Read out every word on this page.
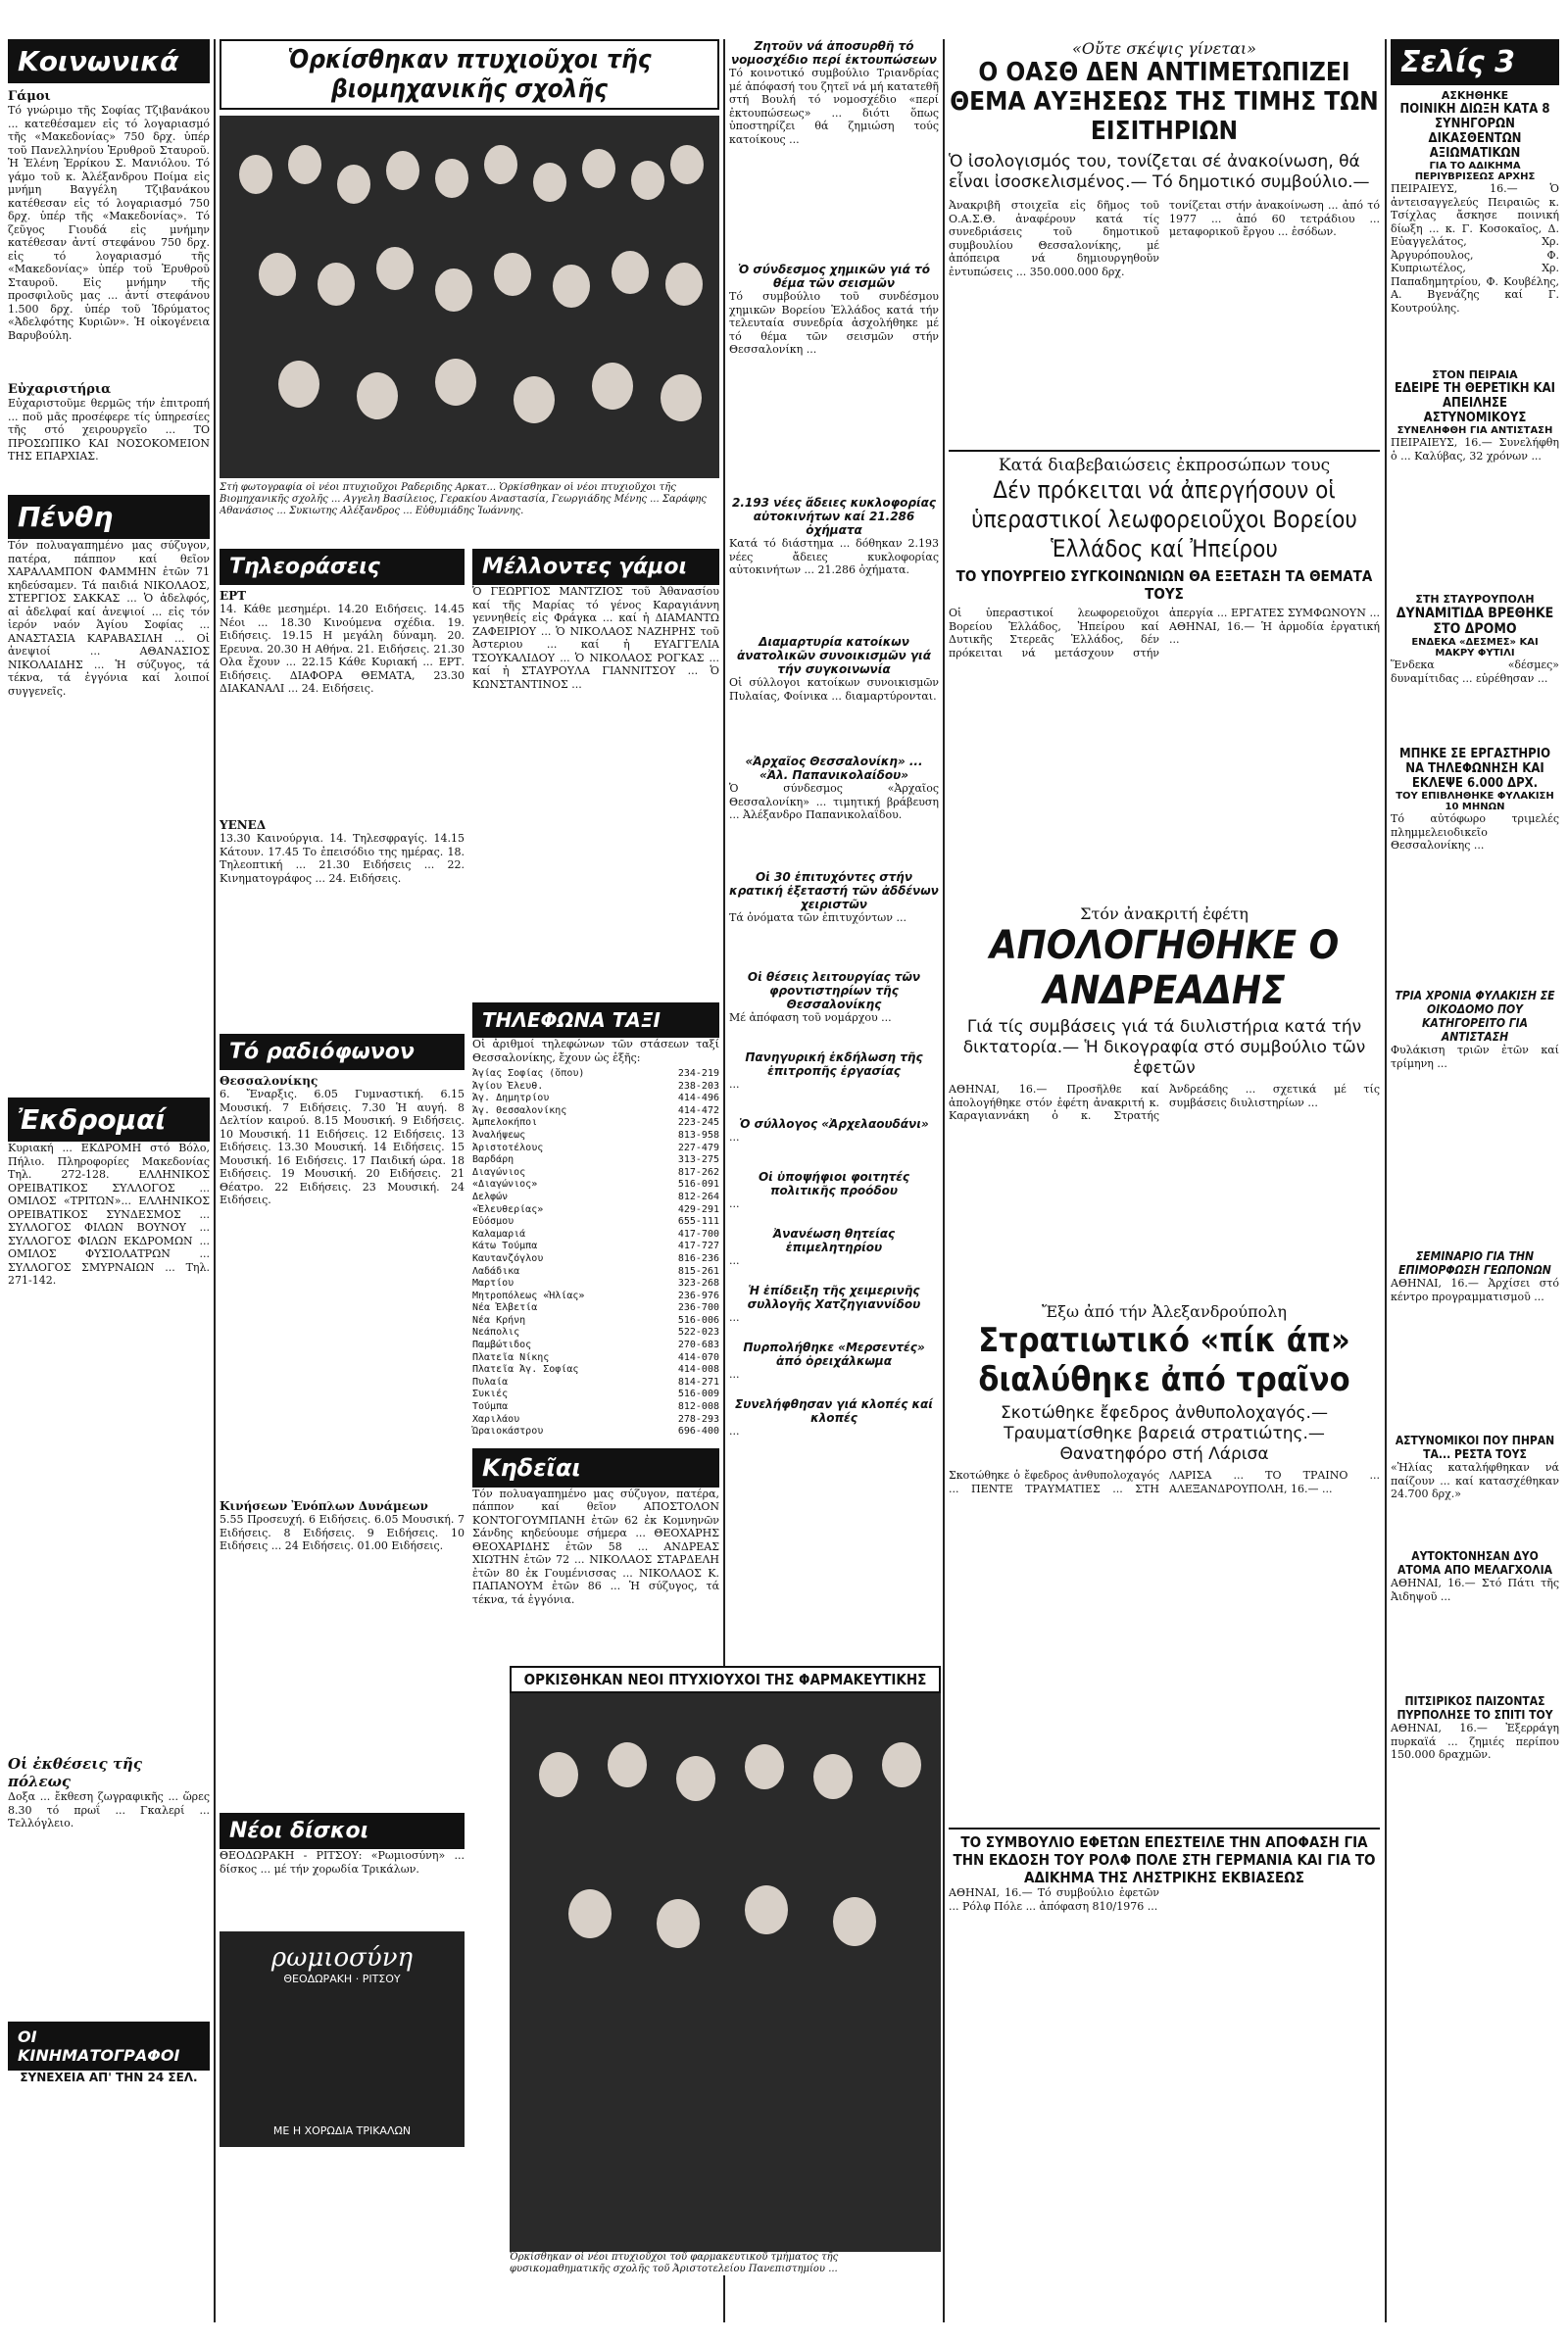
Κοινωνικά
Γάμοι
Τό γνώριμο τῆς Σοφίας Τζιβανάκου ... κατεθέσαμεν εἰς τό λογαριασμό τῆς «Μακεδονίας» 750 δρχ. ὑπέρ τοῦ Πανελληνίου Ἑρυθροῦ Σταυροῦ. Ἡ Ἐλένη Ἐρρίκου Σ. Μανιόλου. Τό γάμο τοῦ κ. Ἀλέξανδρου Ποίμα εἰς μνήμη Βαγγέλη Τζιβανάκου κατέθεσαν εἰς τό λογαριασμό 750 δρχ. ὑπέρ τῆς «Μακεδονίας». Τό ζεῦγος Γιουδά εἰς μνήμην κατέθεσαν ἀντί στεφάνου 750 δρχ. εἰς τό λογαριασμό τῆς «Μακεδονίας» ὑπέρ τοῦ Ἐρυθροῦ Σταυροῦ. Εἰς μνήμην τῆς προσφιλοῦς μας ... ἀντί στεφάνου 1.500 δρχ. ὑπέρ τοῦ Ἱδρύματος «Ἀδελφότης Κυριῶν». Ἡ οἰκογένεια Βαρυβούλη.
Εὐχαριστήρια
Εὐχαριστοῦμε θερμῶς τήν ἐπιτροπή ... ποῦ μᾶς προσέφερε τίς ὑπηρεσίες τῆς στό χειρουργεῖο ... ΤΟ ΠΡΟΣΩΠΙΚΟ ΚΑΙ ΝΟΣΟΚΟΜΕΙΟΝ ΤΗΣ ΕΠΑΡΧΙΑΣ.
Πένθη
Τόν πολυαγαπημένο μας σύζυγον, πατέρα, πάππον καί θεῖον ΧΑΡΑΛΑΜΠΟΝ ΦΑΜΜΗΝ ἐτῶν 71 κηδεύσαμεν. Τά παιδιά ΝΙΚΟΛΑΟΣ, ΣΤΕΡΓΙΟΣ ΣΑΚΚΑΣ ... Ὁ ἀδελφός, αἱ ἀδελφαί καί ἀνεψιοί ... εἰς τόν ἱερόν ναόν Ἁγίου Σοφίας ... ΑΝΑΣΤΑΣΙΑ ΚΑΡΑΒΑΣΙΛΗ ... Οἱ ἀνεψιοί ... ΑΘΑΝΑΣΙΟΣ ΝΙΚΟΛΑΙΔΗΣ ... Ἡ σύζυγος, τά τέκνα, τά ἐγγόνια καί λοιποί συγγενεῖς.
Ἐκδρομαί
Κυριακή ... ΕΚΔΡΟΜΗ στό Βόλο, Πήλιο. Πληροφορίες Μακεδονίας Τηλ. 272-128. ΕΛΛΗΝΙΚΟΣ ΟΡΕΙΒΑΤΙΚΟΣ ΣΥΛΛΟΓΟΣ ... ΟΜΙΛΟΣ «ΤΡΙΤΩΝ»... ΕΛΛΗΝΙΚΟΣ ΟΡΕΙΒΑΤΙΚΟΣ ΣΥΝΔΕΣΜΟΣ ... ΣΥΛΛΟΓΟΣ ΦΙΛΩΝ ΒΟΥΝΟΥ ... ΣΥΛΛΟΓΟΣ ΦΙΛΩΝ ΕΚΔΡΟΜΩΝ ... ΟΜΙΛΟΣ ΦΥΣΙΟΛΑΤΡΩΝ ... ΣΥΛΛΟΓΟΣ ΣΜΥΡΝΑΙΩΝ ... Τηλ. 271-142.
Οἱ ἐκθέσεις τῆς πόλεως
Δοξα ... ἔκθεση ζωγραφικῆς ... ὥρες 8.30 τό πρωΐ ... Γκαλερί ... Τελλόγλειο.
ΟΙ ΚΙΝΗΜΑΤΟΓΡΑΦΟΙ
ΣΥΝΕΧΕΙΑ ΑΠ' ΤΗΝ 24 ΣΕΛ.
Ὁρκίσθηκαν πτυχιοῦχοι τῆς βιομηχανικῆς σχολῆς
Στή φωτογραφία οἱ νέοι πτυχιοῦχοι Ραδεριδης Αρκατ... Ὁρκίσθηκαν οἱ νέοι πτυχιοῦχοι τῆς Βιομηχανικῆς σχολῆς ... Αγγελη Βασίλειος, Γερακίου Αναστασία, Γεωργιάδης Μένης ... Σαράφης Αθανάσιος ... Συκιωτης Αλέξανδρος ... Εὐθυμιάδης Ἰωάννης.
Τηλεοράσεις
ΕΡΤ
14. Κάθε μεσημέρι. 14.20 Ειδήσεις. 14.45 Νέοι ... 18.30 Κινούμενα σχέδια. 19. Ειδήσεις. 19.15 Η μεγάλη δύναμη. 20. Ερευνα. 20.30 Η Αθήνα. 21. Ειδήσεις. 21.30 Ολα ἔχουν ... 22.15 Κάθε Κυριακή ... ΕΡΤ. Ειδήσεις. ΔΙΑΦΟΡΑ ΘΕΜΑΤΑ, 23.30 ΔΙΑΚΑΝΑΛΙ ... 24. Ειδήσεις.
ΥΕΝΕΔ
13.30 Καινούργια. 14. Τηλεσφραγίς. 14.15 Κάτουν. 17.45 Το ἐπεισόδιο της ημέρας. 18. Τηλεοπτική ... 21.30 Ειδήσεις ... 22. Κινηματογράφος ... 24. Ειδήσεις.
Τό ραδιόφωνον
Θεσσαλονίκης
6. Ἔναρξις. 6.05 Γυμναστική. 6.15 Μουσική. 7 Ειδήσεις. 7.30 Ἡ αυγή. 8 Δελτίον καιρού. 8.15 Μουσική. 9 Ειδήσεις. 10 Μουσική. 11 Ειδήσεις. 12 Ειδήσεις. 13 Ειδήσεις. 13.30 Μουσική. 14 Ειδήσεις. 15 Μουσική. 16 Ειδήσεις. 17 Παιδική ώρα. 18 Ειδήσεις. 19 Μουσική. 20 Ειδήσεις. 21 Θέατρο. 22 Ειδήσεις. 23 Μουσική. 24 Ειδήσεις.
Κινήσεων Ἐνόπλων Δυνάμεων
5.55 Προσευχή. 6 Ειδήσεις. 6.05 Μουσική. 7 Ειδήσεις. 8 Ειδήσεις. 9 Ειδήσεις. 10 Ειδήσεις ... 24 Ειδήσεις. 01.00 Ειδήσεις.
Νέοι δίσκοι
ΘΕΟΔΩΡΑΚΗ - ΡΙΤΣΟΥ: «Ρωμιοσύνη» ... δίσκος ... μέ τήν χορωδία Τρικάλων.
ρωμιοσύνη
ΘΕΟΔΩΡΑΚΗ · ΡΙΤΣΟΥ
ΜΕ Η ΧΟΡΩΔΙΑ ΤΡΙΚΑΛΩΝ
Μέλλοντες γάμοι
Ὁ ΓΕΩΡΓΙΟΣ ΜΑΝΤΖΙΟΣ τοῦ Ἀθανασίου καί τῆς Μαρίας τό γένος Καραγιάννη γεννηθείς εἰς Φράγκα ... καί ἡ ΔΙΑΜΑΝΤΩ ΖΑΦΕΙΡΙΟΥ ... Ὁ ΝΙΚΟΛΑΟΣ ΝΑΖΗΡΗΣ τοῦ Ἀστεριου ... καί ἡ ΕΥΑΓΓΕΛΙΑ ΤΣΟΥΚΑΛΙΔΟΥ ... Ὁ ΝΙΚΟΛΑΟΣ ΡΟΓΚΑΣ ... καί ἡ ΣΤΑΥΡΟΥΛΑ ΓΙΑΝΝΙΤΣΟΥ ... Ὁ ΚΩΝΣΤΑΝΤΙΝΟΣ ...
ΤΗΛΕΦΩΝΑ ΤΑΞΙ
Οἱ ἀριθμοί τηλεφώνων τῶν στάσεων ταξί Θεσσαλονίκης, ἔχουν ὡς ἑξῆς:
Ἁγίας Σοφίας (ὅπου)	234-219
Ἁγίου Ἐλευθ.	238-203
Ἁγ. Δημητρίου	414-496
Ἁγ. Θεσσαλονίκης	414-472
Ἀμπελοκήποι	223-245
Ἀναλήψεως	813-958
Ἀριστοτέλους	227-479
Βαρδάρη	313-275
Διαγώνιος	817-262
«Διαγώνιος»	516-091
Δελφών	812-264
«Ἐλευθερίας»	429-291
Εὐόσμου	655-111
Καλαμαριά	417-700
Κάτω Τούμπα	417-727
Καυτανζόγλου	816-236
Λαδάδικα	815-261
Μαρτίου	323-268
Μητροπόλεως «Ἡλίας»	236-976
Νέα Ἐλβετία	236-700
Νέα Κρήνη	516-006
Νεάπολις	522-023
Παμβώτιδος	270-683
Πλατεῖα Νίκης	414-070
Πλατεῖα Ἁγ. Σοφίας	414-008
Πυλαία	814-271
Συκιές	516-009
Τούμπα	812-008
Χαριλάου	278-293
Ὡραιοκάστρου	696-400
Κηδεῖαι
Τόν πολυαγαπημένο μας σύζυγον, πατέρα, πάππον καί θεῖον ΑΠΟΣΤΟΛΟΝ ΚΟΝΤΟΓΟΥΜΠΑΝΗ ἐτῶν 62 ἐκ Κομνηνῶν Σάνδης κηδεύουμε σήμερα ... ΘΕΟΧΑΡΗΣ ΘΕΟΧΑΡΙΔΗΣ ἐτῶν 58 ... ΑΝΔΡΕΑΣ ΧΙΩΤΗΝ ἐτῶν 72 ... ΝΙΚΟΛΑΟΣ ΣΤΑΡΔΕΛΗ ἐτῶν 80 ἐκ Γουμένισσας ... ΝΙΚΟΛΑΟΣ Κ. ΠΑΠΑΝΟΥΜ ἐτῶν 86 ... Ἡ σύζυγος, τά τέκνα, τά ἐγγόνια.
Ζητοῦν νά ἀποσυρθῆ τό νομοσχέδιο περί ἐκτουπώσεων
Τό κοινοτικό συμβούλιο Τριανδρίας μέ ἀπόφασή του ζητεῖ νά μή κατατεθῆ στή Βουλή τό νομοσχέδιο «περί ἐκτουπώσεως» ... διότι ὅπως ὑποστηρίζει θά ζημιώση τούς κατοίκους ...
Ὁ σύνδεσμος χημικῶν γιά τό θέμα τῶν σεισμῶν
Τό συμβούλιο τοῦ συνδέσμου χημικῶν Βορείου Ἑλλάδος κατά τήν τελευταία συνεδρία ἀσχολήθηκε μέ τό θέμα τῶν σεισμῶν στήν Θεσσαλονίκη ...
2.193 νέες ἄδειες κυκλοφορίας αὐτοκινήτων καί 21.286 ὀχήματα
Κατά τό διάστημα ... δόθηκαν 2.193 νέες ἄδειες κυκλοφορίας αὐτοκινήτων ... 21.286 ὀχήματα.
Διαμαρτυρία κατοίκων ἀνατολικῶν συνοικισμῶν γιά τήν συγκοινωνία
Οἱ σύλλογοι κατοίκων συνοικισμῶν Πυλαίας, Φοίνικα ... διαμαρτύρονται.
«Ἀρχαῖος Θεσσαλονίκη» ... «Ἀλ. Παπανικολαίδου»
Ὁ σύνδεσμος «Ἀρχαῖος Θεσσαλονίκη» ... τιμητική βράβευση ... Ἀλέξανδρο Παπανικολαΐδου.
Οἱ 30 ἐπιτυχόντες στήν κρατική ἐξεταστή τῶν ἀδδένων χειριστῶν
Τά ὀνόματα τῶν ἐπιτυχόντων ...
Οἱ θέσεις λειτουργίας τῶν φροντιστηρίων τῆς Θεσσαλονίκης
Μέ ἀπόφαση τοῦ νομάρχου ...
Πανηγυρική ἐκδήλωση τῆς ἐπιτροπῆς ἐργασίας
...
Ὁ σύλλογος «Ἀρχελαουδάνι»
...
Οἱ ὑποψήφιοι φοιτητές πολιτικῆς προόδου
...
Ἀνανέωση θητείας ἐπιμελητηρίου
...
Ἡ ἐπίδειξη τῆς χειμερινῆς συλλογῆς Χατζηγιαννίδου
...
Πυρπολήθηκε «Μερσεντές» ἀπό ὁρειχάλκωμα
...
Συνελήφθησαν γιά κλοπές καί κλοπές
...
ΟΡΚΙΣΘΗΚΑΝ ΝΕΟΙ ΠΤΥΧΙΟΥΧΟΙ ΤΗΣ ΦΑΡΜΑΚΕΥΤΙΚΗΣ
Ὁρκίσθηκαν οἱ νέοι πτυχιοῦχοι τοῦ φαρμακευτικοῦ τμήματος τῆς φυσικομαθηματικῆς σχολῆς τοῦ Ἀριστοτελείου Πανεπιστημίου ...
«Οὔτε σκέψις γίνεται»
Ο ΟΑΣΘ ΔΕΝ ΑΝΤΙΜΕΤΩΠΙΖΕΙ ΘΕΜΑ ΑΥΞΗΣΕΩΣ ΤΗΣ ΤΙΜΗΣ ΤΩΝ ΕΙΣΙΤΗΡΙΩΝ
Ὁ ἰσολογισμός του, τονίζεται σέ ἀνακοίνωση, θά εἶναι ἰσοσκελισμένος.— Τό δημοτικό συμβούλιο.—
Ἀνακριβῆ στοιχεῖα εἶς δῆμος τοῦ Ο.Α.Σ.Θ. ἀναφέρουν κατά τίς συνεδριάσεις τοῦ δημοτικοῦ συμβουλίου Θεσσαλονίκης, μέ ἀπόπειρα νά δημιουργηθοῦν ἐντυπώσεις ... 350.000.000 δρχ.
τονίζεται στήν ἀνακοίνωση ... ἀπό τό 1977 ... ἀπό 60 τετράδιου ... μεταφορικοῦ ἔργου ... ἐσόδων.
Κατά διαβεβαιώσεις ἐκπροσώπων τους
Δέν πρόκειται νά ἀπεργήσουν οἱ ὑπεραστικοί λεωφορειοῦχοι Βορείου Ἑλλάδος καί Ἠπείρου
ΤΟ ΥΠΟΥΡΓΕΙΟ ΣΥΓΚΟΙΝΩΝΙΩΝ ΘΑ ΕΞΕΤΑΣΗ ΤΑ ΘΕΜΑΤΑ ΤΟΥΣ
Οἱ ὑπεραστικοί λεωφορειοῦχοι Βορείου Ἑλλάδος, Ἠπείρου καί Δυτικῆς Στερεᾶς Ἑλλάδος, δέν πρόκειται νά μετάσχουν στήν ἀπεργία ... ΕΡΓΑΤΕΣ ΣΥΜΦΩΝΟΥΝ ... ΑΘΗΝΑΙ, 16.— Ἡ ἀρμοδία ἐργατική ...
Στόν ἀνακριτή ἐφέτη
ΑΠΟΛΟΓΗΘΗΚΕ Ο ΑΝΔΡΕΑΔΗΣ
Γιά τίς συμβάσεις γιά τά διυλιστήρια κατά τήν δικτατορία.— Ἡ δικογραφία στό συμβούλιο τῶν ἐφετῶν
ΑΘΗΝΑΙ, 16.— Προσῆλθε καί ἀπολογήθηκε στόν ἐφέτη ἀνακριτή κ. Καραγιαννάκη ὁ κ. Στρατής Ἀνδρεάδης ... σχετικά μέ τίς συμβάσεις διυλιστηρίων ...
Ἔξω ἀπό τήν Ἀλεξανδρούπολη
Στρατιωτικό «πίκ άπ» διαλύθηκε ἀπό τραῖνο
Σκοτώθηκε ἔφεδρος ἀνθυπολοχαγός.— Τραυματίσθηκε βαρειά στρατιώτης.— Θανατηφόρο στή Λάρισα
Σκοτώθηκε ὁ ἔφεδρος ἀνθυπολοχαγός ... ΠΕΝΤΕ ΤΡΑΥΜΑΤΙΕΣ ... ΣΤΗ ΛΑΡΙΣΑ ... ΤΟ ΤΡΑΙΝΟ ... ΑΛΕΞΑΝΔΡΟΥΠΟΛΗ, 16.— ...
ΤΟ ΣΥΜΒΟΥΛΙΟ ΕΦΕΤΩΝ ΕΠΕΣΤΕΙΛΕ ΤΗΝ ΑΠΟΦΑΣΗ ΓΙΑ ΤΗΝ ΕΚΔΟΣΗ ΤΟΥ ΡΟΛΦ ΠΟΛΕ ΣΤΗ ΓΕΡΜΑΝΙΑ ΚΑΙ ΓΙΑ ΤΟ ΑΔΙΚΗΜΑ ΤΗΣ ΛΗΣΤΡΙΚΗΣ ΕΚΒΙΑΣΕΩΣ
ΑΘΗΝΑΙ, 16.— Τό συμβούλιο ἐφετῶν ... Ρόλφ Πόλε ... ἀπόφαση 810/1976 ...
Σελίς 3
ΑΣΚΗΘΗΚΕ
ΠΟΙΝΙΚΗ ΔΙΩΞΗ ΚΑΤΑ 8 ΣΥΝΗΓΟΡΩΝ ΔΙΚΑΣΘΕΝΤΩΝ ΑΞΙΩΜΑΤΙΚΩΝ
ΓΙΑ ΤΟ ΑΔΙΚΗΜΑ ΠΕΡΙΥΒΡΙΣΕΩΣ ΑΡΧΗΣ
ΠΕΙΡΑΙΕΥΣ, 16.— Ὁ ἀντεισαγγελεύς Πειραιῶς κ. Τσίχλας ἄσκησε ποινική δίωξη ... κ. Γ. Κοσοκαῖος, Δ. Εὐαγγελάτος, Χρ. Ἀργυρόπουλος, Φ. Κυπριωτέλος, Χρ. Παπαδημητρίου, Φ. Κουβέλης, Α. Βγενάζης καί Γ. Κουτρούλης.
ΣΤΟΝ ΠΕΙΡΑΙΑ
ΕΔΕΙΡΕ ΤΗ ΘΕΡΕΤΙΚΗ ΚΑΙ ΑΠΕΙΛΗΣΕ ΑΣΤΥΝΟΜΙΚΟΥΣ
ΣΥΝΕΛΗΦΘΗ ΓΙΑ ΑΝΤΙΣΤΑΣΗ
ΠΕΙΡΑΙΕΥΣ, 16.— Συνελήφθη ὁ ... Καλύβας, 32 χρόνων ...
ΣΤΗ ΣΤΑΥΡΟΥΠΟΛΗ
ΔΥΝΑΜΙΤΙΔΑ ΒΡΕΘΗΚΕ ΣΤΟ ΔΡΟΜΟ
ΕΝΔΕΚΑ «ΔΕΣΜΕΣ» ΚΑΙ ΜΑΚΡΥ ΦΥΤΙΛΙ
Ἕνδεκα «δέσμες» δυναμίτιδας ... εὐρέθησαν ...
ΜΠΗΚΕ ΣΕ ΕΡΓΑΣΤΗΡΙΟ ΝΑ ΤΗΛΕΦΩΝΗΣΗ ΚΑΙ ΕΚΛΕΨΕ 6.000 ΔΡΧ.
ΤΟΥ ΕΠΙΒΛΗΘΗΚΕ ΦΥΛΑΚΙΣΗ 10 ΜΗΝΩΝ
Τό αὐτόφωρο τριμελές πλημμελειοδικεῖο Θεσσαλονίκης ...
ΤΡΙΑ ΧΡΟΝΙΑ ΦΥΛΑΚΙΣΗ ΣΕ ΟΙΚΟΔΟΜΟ ΠΟΥ ΚΑΤΗΓΟΡΕΙΤΟ ΓΙΑ ΑΝΤΙΣΤΑΣΗ
Φυλάκιση τριῶν ἐτῶν καί τρίμηνη ...
ΣΕΜΙΝΑΡΙΟ ΓΙΑ ΤΗΝ ΕΠΙΜΟΡΦΩΣΗ ΓΕΩΠΟΝΩΝ
ΑΘΗΝΑΙ, 16.— Ἀρχίσει στό κέντρο προγραμματισμοῦ ...
ΑΣΤΥΝΟΜΙΚΟΙ ΠΟΥ ΠΗΡΑΝ ΤΑ... ΡΕΣΤΑ ΤΟΥΣ
«Ἡλίας καταλήφθηκαν νά παίζουν ... καί κατασχέθηκαν 24.700 δρχ.»
ΑΥΤΟΚΤΟΝΗΣΑΝ ΔΥΟ ΑΤΟΜΑ ΑΠΟ ΜΕΛΑΓΧΟΛΙΑ
ΑΘΗΝΑΙ, 16.— Στό Πάτι τῆς Ἀιδηψοῦ ...
ΠΙΤΣΙΡΙΚΟΣ ΠΑΙΖΟΝΤΑΣ ΠΥΡΠΟΛΗΣΕ ΤΟ ΣΠΙΤΙ ΤΟΥ
ΑΘΗΝΑΙ, 16.— Ἐξερράγη πυρκαϊά ... ζημιές περίπου 150.000 δραχμῶν.
